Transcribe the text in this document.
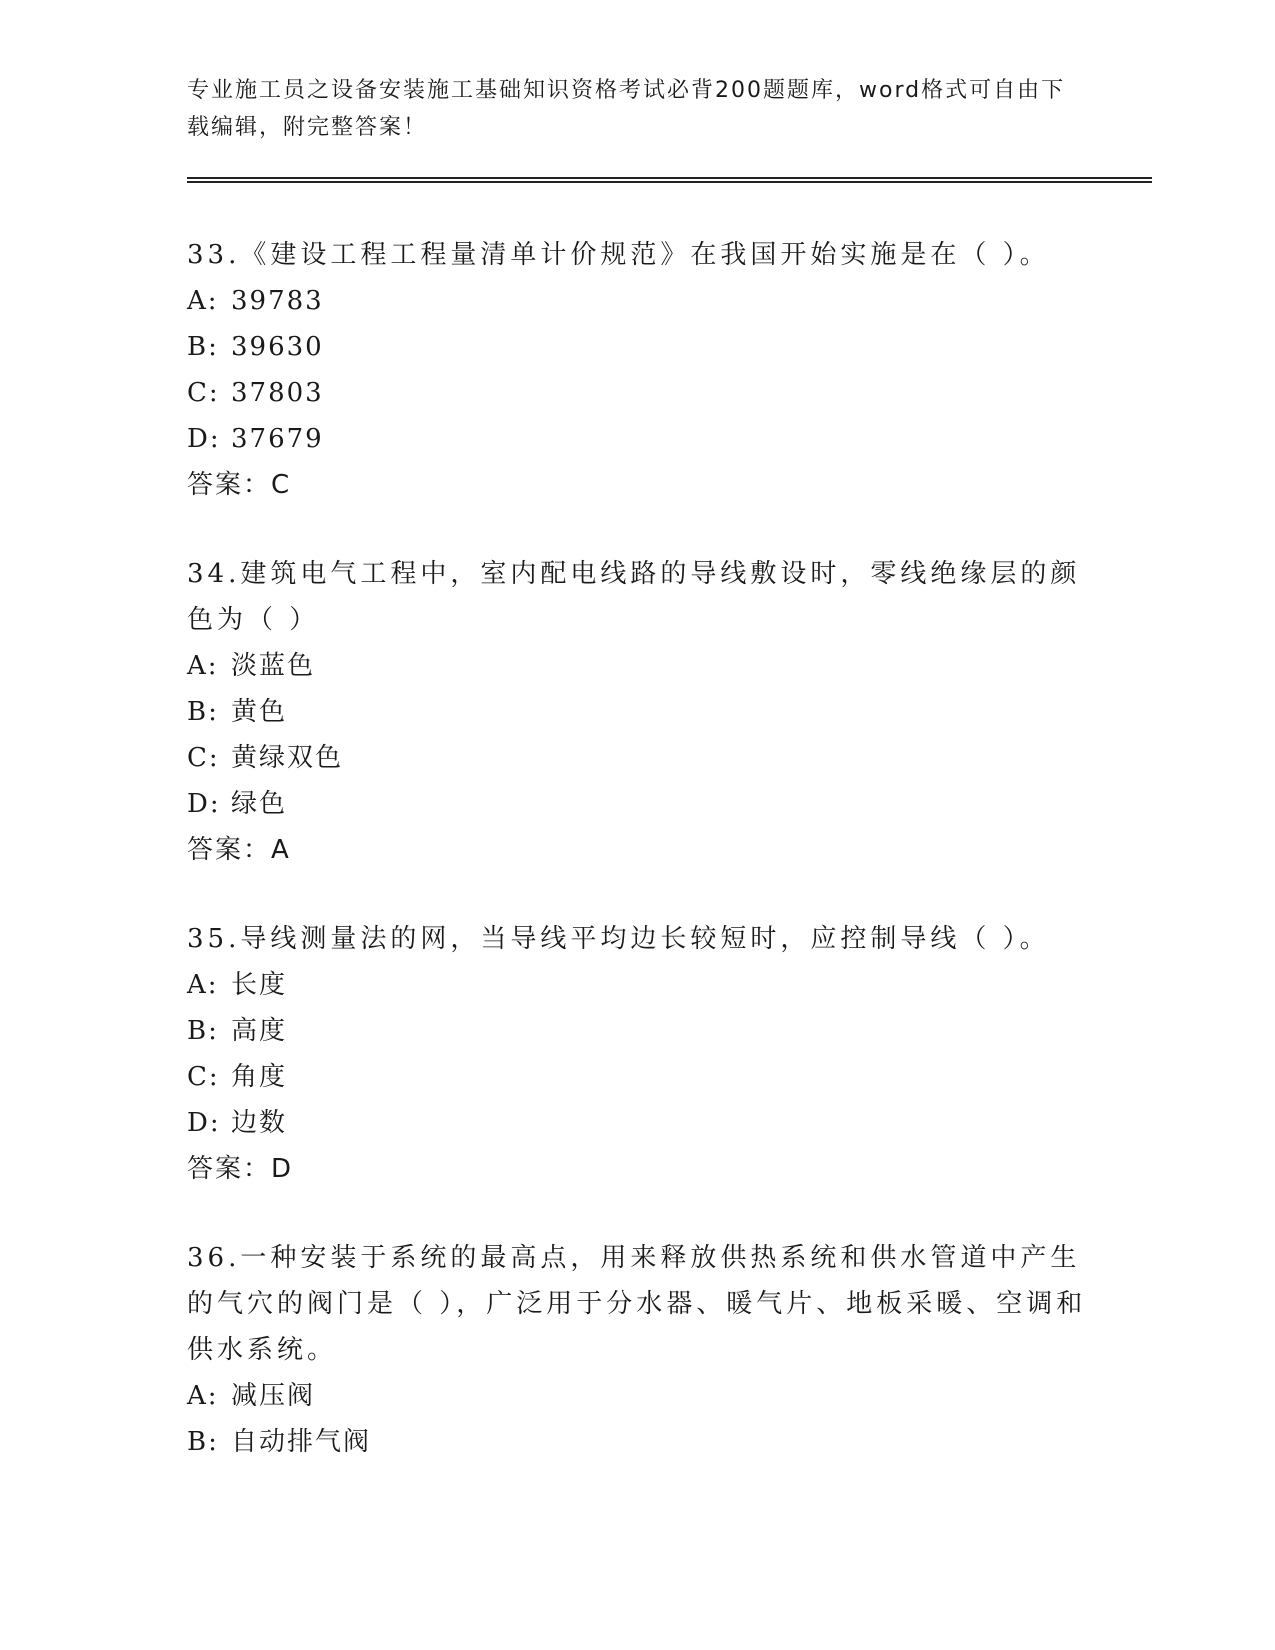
专业施工员之设备安装施工基础知识资格考试必背200题题库，word格式可自由下载编辑，附完整答案！

33.《建设工程工程量清单计价规范》在我国开始实施是在（ ）。

A: 39783

B: 39630

C: 37803

D: 37679

答案：C

34.建筑电气工程中，室内配电线路的导线敷设时，零线绝缘层的颜色为（ ）

A: 淡蓝色

B: 黄色

C: 黄绿双色

D: 绿色

答案：A

35.导线测量法的网，当导线平均边长较短时，应控制导线（ ）。

A: 长度

B: 高度

C: 角度

D: 边数

答案：D

36.一种安装于系统的最高点，用来释放供热系统和供水管道中产生的气穴的阀门是（ ），广泛用于分水器、暖气片、地板采暖、空调和供水系统。

A: 减压阀

B: 自动排气阀
